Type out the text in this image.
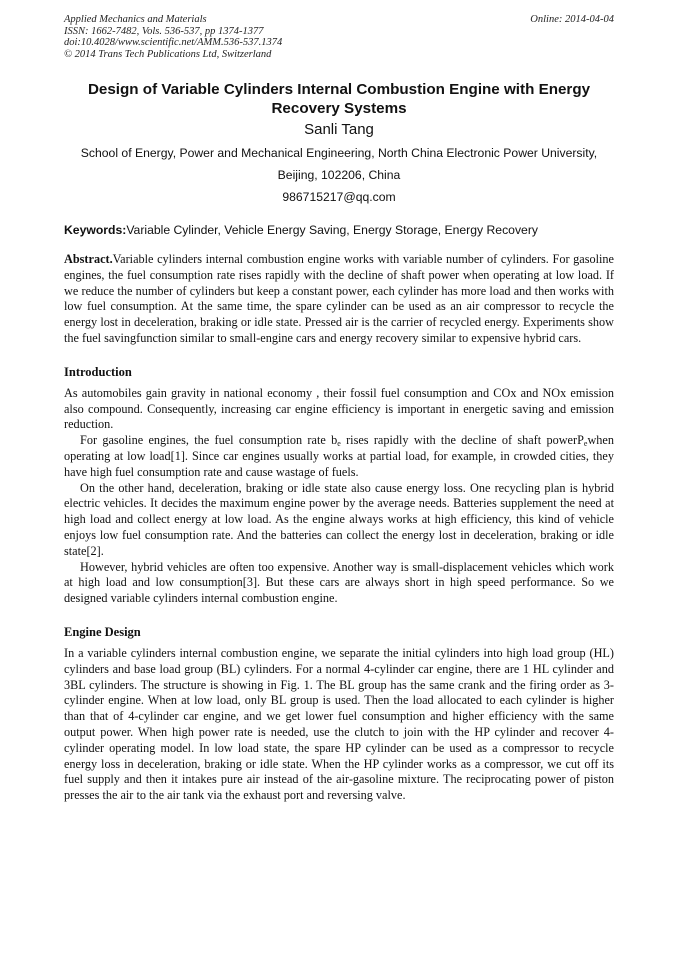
Applied Mechanics and Materials
ISSN: 1662-7482, Vols. 536-537, pp 1374-1377
doi:10.4028/www.scientific.net/AMM.536-537.1374
© 2014 Trans Tech Publications Ltd, Switzerland
Online: 2014-04-04
Design of Variable Cylinders Internal Combustion Engine with Energy Recovery Systems
Sanli Tang
School of Energy, Power and Mechanical Engineering, North China Electronic Power University,
Beijing, 102206, China
986715217@qq.com
Keywords:Variable Cylinder, Vehicle Energy Saving, Energy Storage, Energy Recovery
Abstract.Variable cylinders internal combustion engine works with variable number of cylinders. For gasoline engines, the fuel consumption rate rises rapidly with the decline of shaft power when operating at low load. If we reduce the number of cylinders but keep a constant power, each cylinder has more load and then works with low fuel consumption. At the same time, the spare cylinder can be used as an air compressor to recycle the energy lost in deceleration, braking or idle state. Pressed air is the carrier of recycled energy. Experiments show the fuel savingfunction similar to small-engine cars and energy recovery similar to expensive hybrid cars.
Introduction

As automobiles gain gravity in national economy , their fossil fuel consumption and COx and NOx emission also compound. Consequently, increasing car engine efficiency is important in energetic saving and emission reduction.

For gasoline engines, the fuel consumption rate $b_e$ rises rapidly with the decline of shaft powerP$_e$when operating at low load[1]. Since car engines usually works at partial load, for example, in crowded cities, they have high fuel consumption rate and cause wastage of fuels.

On the other hand, deceleration, braking or idle state also cause energy loss. One recycling plan is hybrid electric vehicles. It decides the maximum engine power by the average needs. Batteries supplement the need at high load and collect energy at low load. As the engine always works at high efficiency, this kind of vehicle enjoys low fuel consumption rate. And the batteries can collect the energy lost in deceleration, braking or idle state[2].

However, hybrid vehicles are often too expensive. Another way is small-displacement vehicles which work at high load and low consumption[3]. But these cars are always short in high speed performance. So we designed variable cylinders internal combustion engine.

Engine Design

In a variable cylinders internal combustion engine, we separate the initial cylinders into high load group (HL) cylinders and base load group (BL) cylinders. For a normal 4-cylinder car engine, there are 1 HL cylinder and 3BL cylinders. The structure is showing in Fig. 1. The BL group has the same crank and the firing order as 3-cylinder engine. When at low load, only BL group is used. Then the load allocated to each cylinder is higher than that of 4-cylinder car engine, and we get lower fuel consumption and higher efficiency with the same output power. When high power rate is needed, use the clutch to join with the HP cylinder and recover 4-cylinder operating model. In low load state, the spare HP cylinder can be used as a compressor to recycle energy loss in deceleration, braking or idle state. When the HP cylinder works as a compressor, we cut off its fuel supply and then it intakes pure air instead of the air-gasoline mixture. The reciprocating power of piston presses the air to the air tank via the exhaust port and reversing valve.
